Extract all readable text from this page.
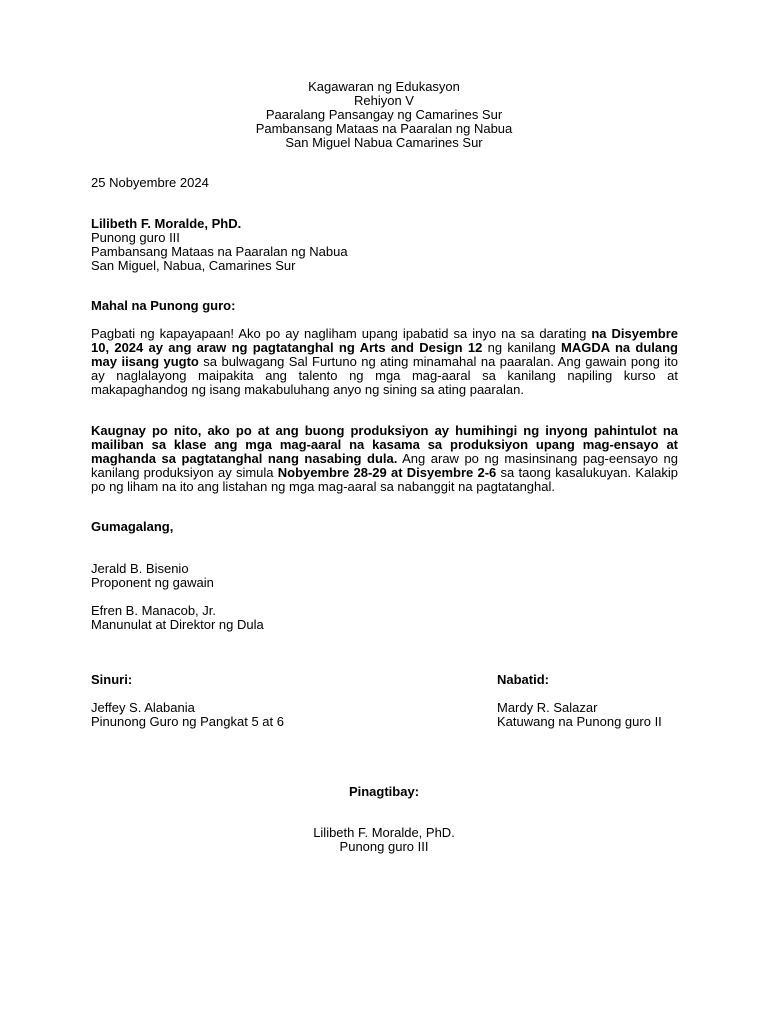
Kagawaran ng Edukasyon
Rehiyon V
Paaralang Pansangay ng Camarines Sur
Pambansang Mataas na Paaralan ng Nabua
San Miguel Nabua Camarines Sur
25 Nobyembre 2024
Lilibeth F. Moralde, PhD.
Punong guro III
Pambansang Mataas na Paaralan ng Nabua
San Miguel, Nabua, Camarines Sur
Mahal na Punong guro:
Pagbati ng kapayapaan! Ako po ay nagliham upang ipabatid sa inyo na sa darating na Disyembre 10, 2024 ay ang araw ng pagtatanghal ng Arts and Design 12 ng kanilang MAGDA na dulang may iisang yugto sa bulwagang Sal Furtuno ng ating minamahal na paaralan. Ang gawain pong ito ay naglalayong maipakita ang talento ng mga mag-aaral sa kanilang napiling kurso at makapaghandog ng isang makabuluhang anyo ng sining sa ating paaralan.
Kaugnay po nito, ako po at ang buong produksiyon ay humihingi ng inyong pahintulot na mailiban sa klase ang mga mag-aaral na kasama sa produksiyon upang mag-ensayo at maghanda sa pagtatanghal nang nasabing dula. Ang araw po ng masinsinang pag-eensayo ng kanilang produksiyon ay simula Nobyembre 28-29 at Disyembre 2-6 sa taong kasalukuyan. Kalakip po ng liham na ito ang listahan ng mga mag-aaral sa nabanggit na pagtatanghal.
Gumagalang,
Jerald B. Bisenio
Proponent ng gawain
Efren B. Manacob, Jr.
Manunulat at Direktor ng Dula
Sinuri:
Jeffey S. Alabania
Pinunong Guro ng Pangkat 5 at 6
Nabatid:
Mardy R. Salazar
Katuwang na Punong guro II
Pinagtibay:
Lilibeth F. Moralde, PhD.
Punong guro III
